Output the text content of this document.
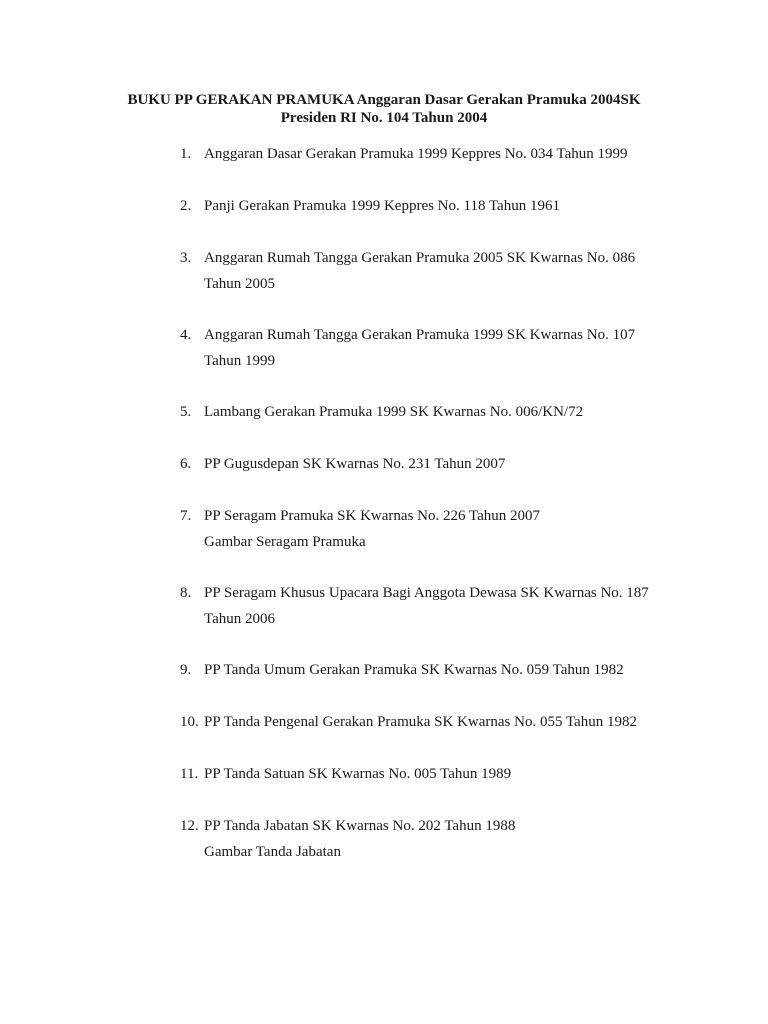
BUKU PP GERAKAN PRAMUKA Anggaran Dasar Gerakan Pramuka 2004SK
Presiden RI No. 104 Tahun 2004
1. Anggaran Dasar Gerakan Pramuka 1999 Keppres No. 034 Tahun 1999
2. Panji Gerakan Pramuka 1999 Keppres No. 118 Tahun 1961
3. Anggaran Rumah Tangga Gerakan Pramuka 2005 SK Kwarnas No. 086
Tahun 2005
4. Anggaran Rumah Tangga Gerakan Pramuka 1999 SK Kwarnas No. 107
Tahun 1999
5. Lambang Gerakan Pramuka 1999 SK Kwarnas No. 006/KN/72
6. PP Gugusdepan SK Kwarnas No. 231 Tahun 2007
7. PP Seragam Pramuka SK Kwarnas No. 226 Tahun 2007
Gambar Seragam Pramuka
8. PP Seragam Khusus Upacara Bagi Anggota Dewasa SK Kwarnas No. 187
Tahun 2006
9. PP Tanda Umum Gerakan Pramuka SK Kwarnas No. 059 Tahun 1982
10. PP Tanda Pengenal Gerakan Pramuka SK Kwarnas No. 055 Tahun 1982
11. PP Tanda Satuan SK Kwarnas No. 005 Tahun 1989
12. PP Tanda Jabatan SK Kwarnas No. 202 Tahun 1988
Gambar Tanda Jabatan
